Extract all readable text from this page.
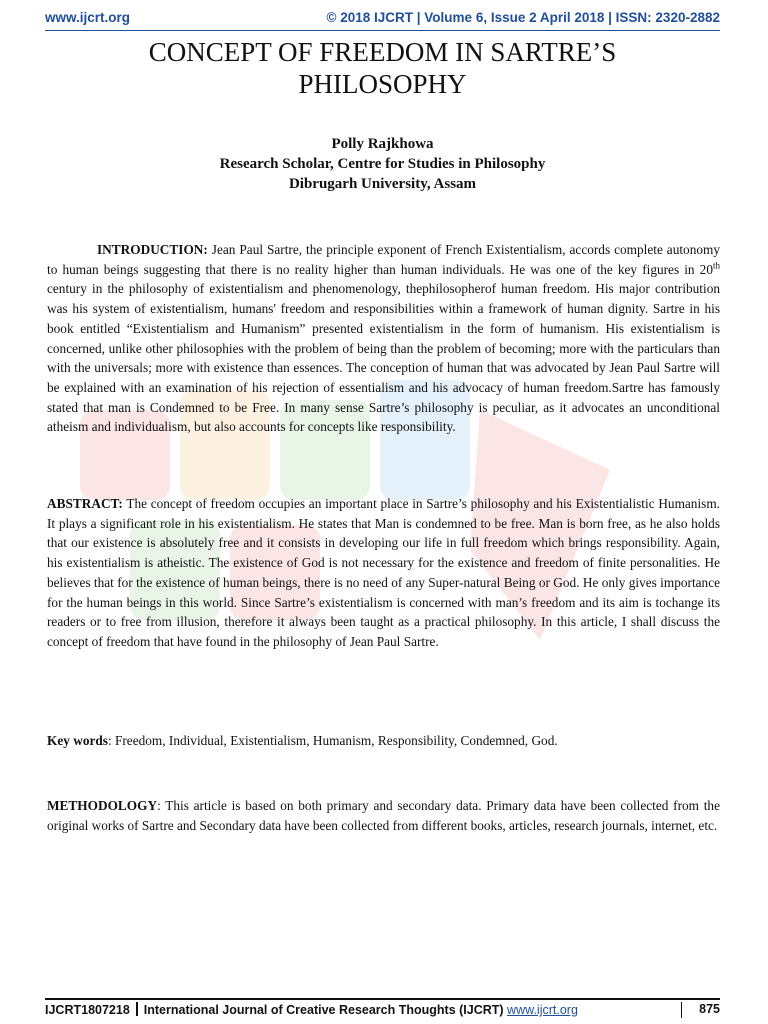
www.ijcrt.org	© 2018 IJCRT | Volume 6, Issue 2 April 2018 | ISSN: 2320-2882
CONCEPT OF FREEDOM IN SARTRE’S
PHILOSOPHY
Polly Rajkhowa
Research Scholar, Centre for Studies in Philosophy
Dibrugarh University, Assam
INTRODUCTION: Jean Paul Sartre, the principle exponent of French Existentialism, accords complete autonomy to human beings suggesting that there is no reality higher than human individuals. He was one of the key figures in 20th century in the philosophy of existentialism and phenomenology, thephilosopherof human freedom. His major contribution was his system of existentialism, humans' freedom and responsibilities within a framework of human dignity. Sartre in his book entitled “Existentialism and Humanism” presented existentialism in the form of humanism. His existentialism is concerned, unlike other philosophies with the problem of being than the problem of becoming; more with the particulars than with the universals; more with existence than essences. The conception of human that was advocated by Jean Paul Sartre will be explained with an examination of his rejection of essentialism and his advocacy of human freedom.Sartre has famously stated that man is Condemned to be Free. In many sense Sartre’s philosophy is peculiar, as it advocates an unconditional atheism and individualism, but also accounts for concepts like responsibility.
ABSTRACT: The concept of freedom occupies an important place in Sartre’s philosophy and his Existentialistic Humanism. It plays a significant role in his existentialism. He states that Man is condemned to be free. Man is born free, as he also holds that our existence is absolutely free and it consists in developing our life in full freedom which brings responsibility. Again, his existentialism is atheistic. The existence of God is not necessary for the existence and freedom of finite personalities. He believes that for the existence of human beings, there is no need of any Super-natural Being or God. He only gives importance for the human beings in this world. Since Sartre’s existentialism is concerned with man’s freedom and its aim is tochange its readers or to free from illusion, therefore it always been taught as a practical philosophy. In this article, I shall discuss the concept of freedom that have found in the philosophy of Jean Paul Sartre.
Key words: Freedom, Individual, Existentialism, Humanism, Responsibility, Condemned, God.
METHODOLOGY: This article is based on both primary and secondary data. Primary data have been collected from the original works of Sartre and Secondary data have been collected from different books, articles, research journals, internet, etc.
IJCRT1807218 International Journal of Creative Research Thoughts (IJCRT) www.ijcrt.org	875
